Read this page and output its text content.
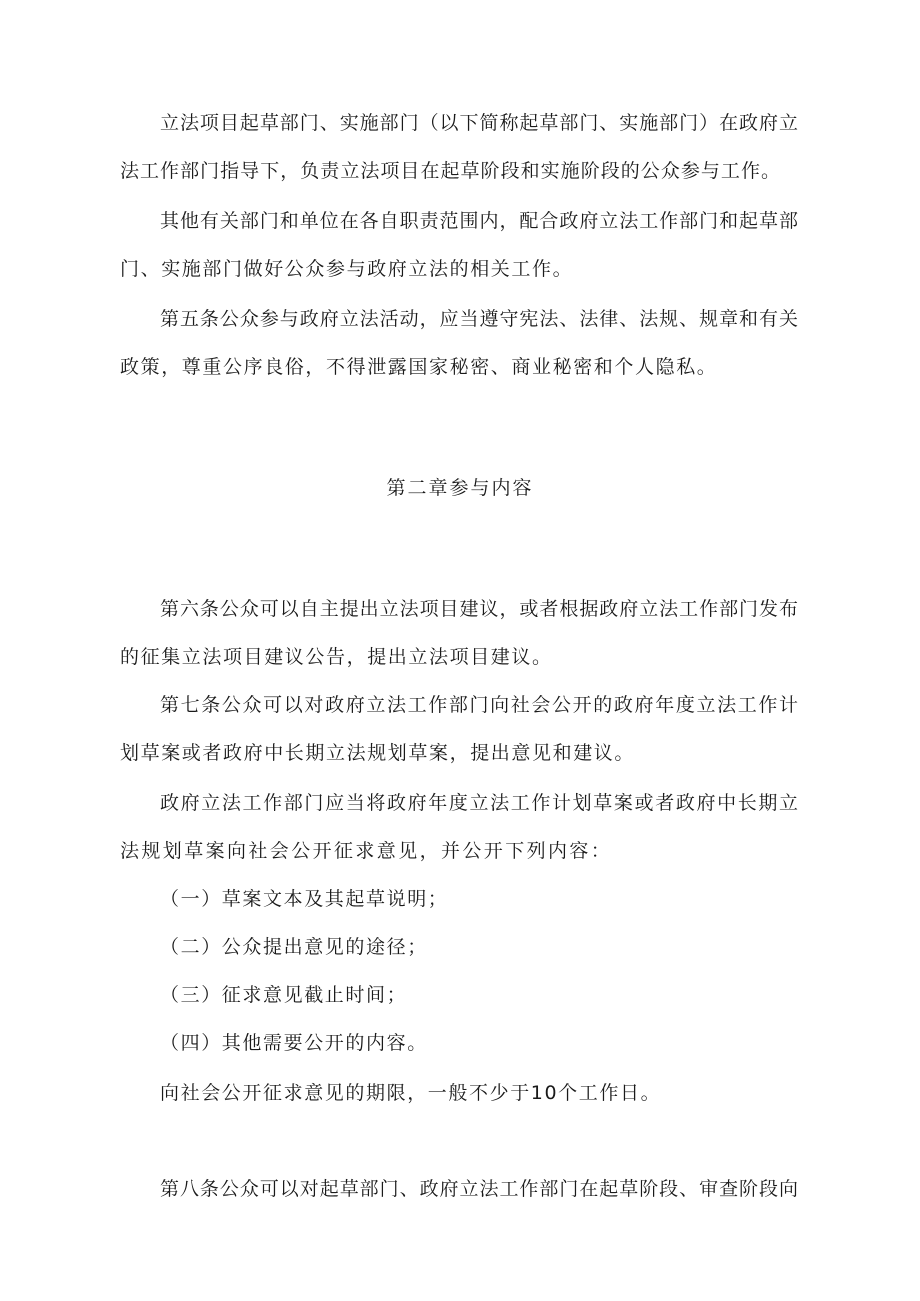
立法项目起草部门、实施部门（以下简称起草部门、实施部门）在政府立
法工作部门指导下，负责立法项目在起草阶段和实施阶段的公众参与工作。
其他有关部门和单位在各自职责范围内，配合政府立法工作部门和起草部
门、实施部门做好公众参与政府立法的相关工作。
第五条公众参与政府立法活动，应当遵守宪法、法律、法规、规章和有关
政策，尊重公序良俗，不得泄露国家秘密、商业秘密和个人隐私。
第二章参与内容
第六条公众可以自主提出立法项目建议，或者根据政府立法工作部门发布
的征集立法项目建议公告，提出立法项目建议。
第七条公众可以对政府立法工作部门向社会公开的政府年度立法工作计
划草案或者政府中长期立法规划草案，提出意见和建议。
政府立法工作部门应当将政府年度立法工作计划草案或者政府中长期立
法规划草案向社会公开征求意见，并公开下列内容：
（一）草案文本及其起草说明；
（二）公众提出意见的途径；
（三）征求意见截止时间；
（四）其他需要公开的内容。
向社会公开征求意见的期限，一般不少于10个工作日。
第八条公众可以对起草部门、政府立法工作部门在起草阶段、审查阶段向
